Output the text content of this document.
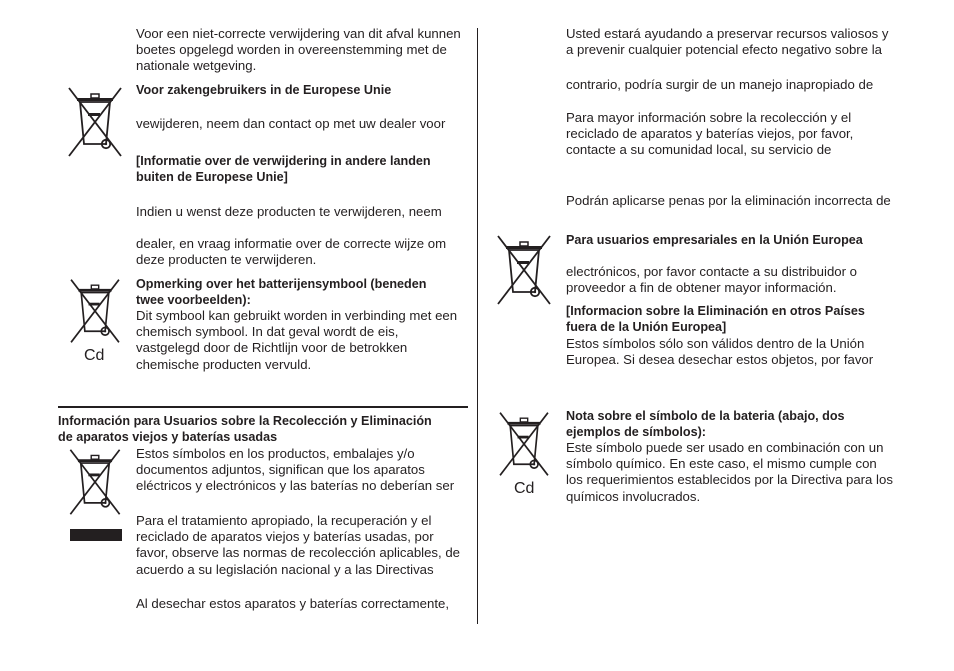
Voor een niet-correcte verwijdering van dit afval kunnen
boetes opgelegd worden in overeenstemming met de
nationale wetgeving.

Voor zakengebruikers in de Europese Unie

vewijderen, neem dan contact op met uw dealer voor

[Informatie over de verwijdering in andere landen
buiten de Europese Unie]

Indien u wenst deze producten te verwijderen, neem

dealer, en vraag informatie over de correcte wijze om
deze producten te verwijderen.

Cd

Opmerking over het batterijensymbool (beneden
twee voorbeelden):

Dit symbool kan gebruikt worden in verbinding met een
chemisch symbool. In dat geval wordt de eis,
vastgelegd door de Richtlijn voor de betrokken
chemische producten vervuld.

Información para Usuarios sobre la Recolección y Eliminación
de aparatos viejos y baterías usadas

Estos símbolos en los productos, embalajes y/o
documentos adjuntos, significan que los aparatos
eléctricos y electrónicos y las baterías no deberían ser

Para el tratamiento apropiado, la recuperación y el
reciclado de aparatos viejos y baterías usadas, por
favor, observe las normas de recolección aplicables, de
acuerdo a su legislación nacional y a las Directivas

Al desechar estos aparatos y baterías correctamente,

Usted estará ayudando a preservar recursos valiosos y
a prevenir cualquier potencial efecto negativo sobre la

contrario, podría surgir de un manejo inapropiado de

Para mayor información sobre la recolección y el
reciclado de aparatos y baterías viejos, por favor,
contacte a su comunidad local, su servicio de

Podrán aplicarse penas por la eliminación incorrecta de

Para usuarios empresariales en la Unión Europea

electrónicos, por favor contacte a su distribuidor o
proveedor a fin de obtener mayor información.

[Informacion sobre la Eliminación en otros Países
fuera de la Unión Europea]

Estos símbolos sólo son válidos dentro de la Unión
Europea. Si desea desechar estos objetos, por favor

Cd

Nota sobre el símbolo de la bateria (abajo, dos
ejemplos de símbolos):

Este símbolo puede ser usado en combinación con un
símbolo químico. En este caso, el mismo cumple con
los requerimientos establecidos por la Directiva para los
químicos involucrados.
